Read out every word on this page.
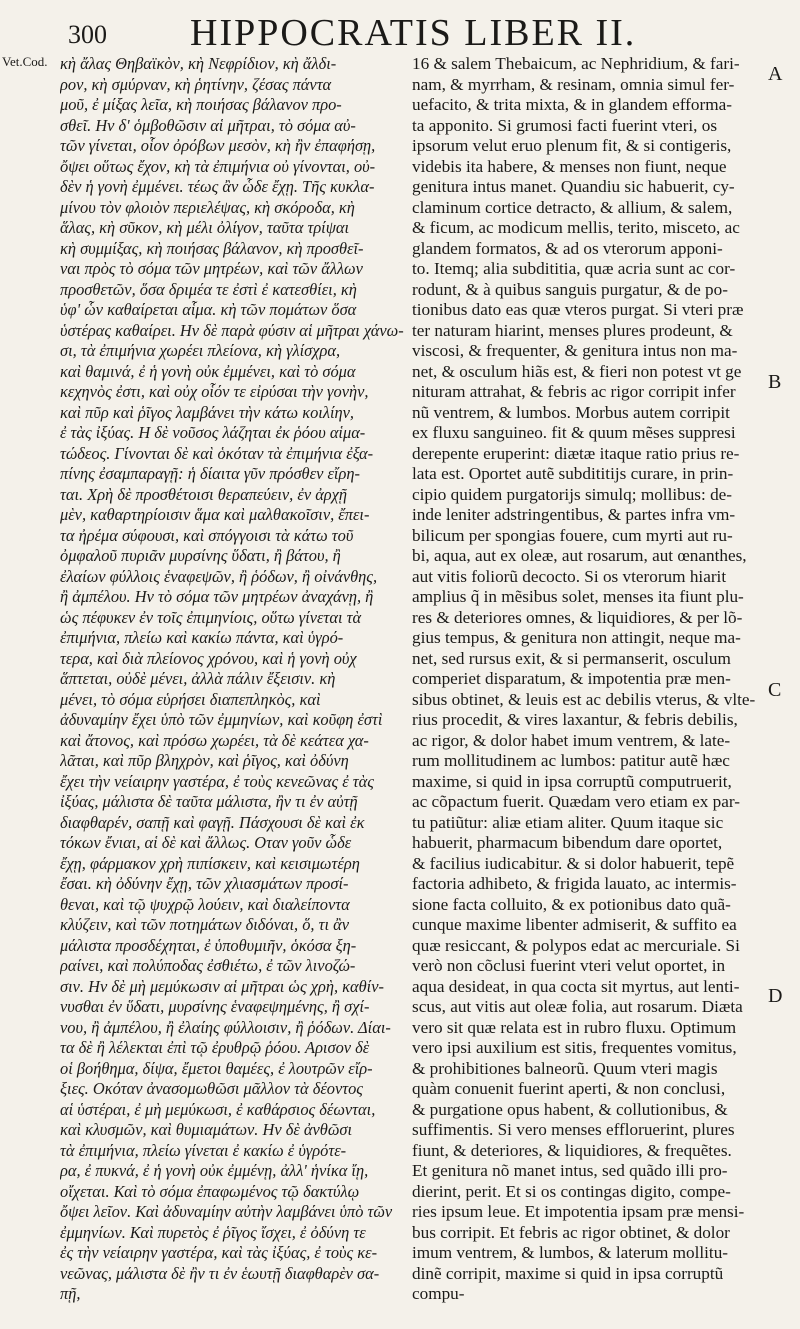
300 HIPPOCRATIS LIBER II.
Vet.Cod. κὴ ἄλας Θηβαϊκὸν, κὴ Νεφρίδιον, κὴ ἄλδι-
ρον, κὴ σμύρναν, κὴ ῥητίνην, ζέσας πάντα
μοῦ, ἐ μίξας λεῖα, κὴ ποιήσας βάλανον προ-
σθεῖ. Ην δ' ὁμβοθῶσιν αἱ μῆτραι, τὸ σόμα αὐ-
τῶν γίνεται, οἷον ὀρόβων μεσὸν, κὴ ἢν ἐπαφήσῃ,
ὄψει οὕτως ἔχον, κὴ τὰ ἐπιμήνια οὐ γίνονται, οὐ-
δὲν ἡ γονὴ ἐμμένει. τέως ἂν ὧδε ἔχῃ. Τῆς κυκλα-
μίνου τὸν φλοιὸν περιελέψας, κὴ σκόροδα, κὴ
ἅλας, κὴ σῦκον, κὴ μέλι ὀλίγον, ταῦτα τρίψαι
κὴ συμμίξας, κὴ ποιήσας βάλανον, κὴ προσθεῖ-
ναι πρὸς τὸ σόμα τῶν μητρέων, καὶ τῶν ἄλλων
προσθετῶν, ὅσα δριμέα τε ἐστὶ ἐ κατεσθίει, κὴ
ὑφ' ὧν καθαίρεται αἷμα. κὴ τῶν πομάτων ὅσα
ὑστέρας καθαίρει. Ην δὲ παρὰ φύσιν αἱ μῆτραι χάνω-
σι, τὰ ἐπιμήνια χωρέει πλείονα, κὴ γλίσχρα,
καὶ θαμινά, ἐ ἡ γονὴ οὐκ ἐμμένει, καὶ τὸ σόμα
κεχηνὸς ἐστι, καὶ οὐχ οἷόν τε εἰρύσαι τὴν γονὴν,
καὶ πῦρ καὶ ῥῖγος λαμβάνει τὴν κάτω κοιλίην,
ἐ τὰς ἰξύας. Η δὲ νοῦσος λάζηται ἐκ ῥόου αἱμα-
τώδεος. Γίνονται δὲ καὶ ὁκόταν τὰ ἐπιμήνια ἐξα-
πίνης ἐσαμπαραγῇ: ἡ δίαιτα γῦν πρόσθεν εἴρη-
ται. Χρὴ δὲ προσθέτοισι θεραπεύειν, ἐν ἀρχῇ
μὲν, καθαρτηρίοισιν ἅμα καὶ μαλθακοῖσιν, ἔπει-
τα ἠρέμα σύφουσι, καὶ σπόγγοισι τὰ κάτω τοῦ
ὀμφαλοῦ πυριᾶν μυρσίνης ὕδατι, ἢ βάτου, ἢ
ἐλαίων φύλλοις ἑναφεψῶν, ἢ ῥόδων, ἢ οἰνάνθης,
ἢ ἀμπέλου. Ην τὸ σόμα τῶν μητρέων ἀναχάνῃ, ἢ
ὡς πέφυκεν ἐν τοῖς ἐπιμηνίοις, οὕτω γίνεται τὰ
ἐπιμήνια, πλείω καὶ κακίω πάντα, καὶ ὑγρό-
τερα, καὶ διὰ πλείονος χρόνου, καὶ ἡ γονὴ οὐχ
ἅπτεται, οὐδὲ μένει, ἀλλὰ πάλιν ἔξεισιν. κὴ
μένει, τὸ σόμα εὑρήσει διαπεπληκὸς, καὶ
ἀδυναμίην ἔχει ὑπὸ τῶν ἐμμηνίων, καὶ κοῦφη ἐστὶ
καὶ ἄτονος, καὶ πρόσω χωρέει, τὰ δὲ κεάτεα χα-
λᾶται, καὶ πῦρ βληχρὸν, καὶ ῥῖγος, καὶ ὀδύνη
ἔχει τὴν νείαιρην γαστέρα, ἐ τοὺς κενεῶνας ἐ τὰς
ἰξύας, μάλιστα δὲ ταῦτα μάλιστα, ἢν τι ἐν αὐτῇ
διαφθαρέν, σαπῇ καὶ φαγῇ. Πάσχουσι δὲ καὶ ἐκ
τόκων ἔνιαι, αἱ δὲ καὶ ἄλλως. Οταν γοῦν ὧδε
ἔχῃ, φάρμακον χρὴ πιπίσκειν, καὶ κεισιμωτέρη
ἔσαι. κὴ ὀδύνην ἔχῃ, τῶν χλιασμάτων προσί-
θεναι, καὶ τῷ ψυχρῷ λούειν, καὶ διαλείποντα
κλύζειν, καὶ τῶν ποτημάτων διδόναι, ὅ, τι ἂν
μάλιστα προσδέχηται, ἐ ὑποθυμιῆν, ὁκόσα ξη-
ραίνει, καὶ πολύποδας ἐσθιέτω, ἐ τῶν λινοζώ-
σιν. Ην δὲ μὴ μεμύκωσιν αἱ μῆτραι ὡς χρὴ, καθίν-
νυσθαι ἐν ὕδατι, μυρσίνης ἑναφεψημένης, ἢ σχί-
νου, ἢ ἀμπέλου, ἢ ἐλαίης φύλλοισιν, ἢ ῥόδων. Δίαι-
τα δὲ ἢ λέλεκται ἐπὶ τῷ ἐρυθρῷ ῥόου. Αρισον δὲ
οἱ βοήθημα, δίψα, ἔμετοι θαμέες, ἐ λουτρῶν εἴρ-
ξιες. Οκόταν ἀνασομωθῶσι μᾶλλον τὰ δέοντος
αἱ ὑστέραι, ἐ μὴ μεμύκωσι, ἐ καθάρσιος δέωνται,
καὶ κλυσμῶν, καὶ θυμιαμάτων. Ην δὲ ἀνθῶσι
τὰ ἐπιμήνια, πλείω γίνεται ἐ κακίω ἐ ὑγρότε-
ρα, ἐ πυκνά, ἐ ἡ γονὴ οὐκ ἐμμένῃ, ἀλλ' ἡνίκα ἴῃ,
οἴχεται. Καὶ τὸ σόμα ἐπαφωμένος τῷ δακτύλῳ
ὄψει λεῖον. Καὶ ἀδυναμίην αὐτὴν λαμβάνει ὑπὸ τῶν
ἐμμηνίων. Καὶ πυρετὸς ἐ ῥῖγος ἴσχει, ἐ ὀδύνη τε
ἐς τὴν νείαιρην γαστέρα, καὶ τὰς ἰξύας, ἐ τοὺς κε-
νεῶνας, μάλιστα δὲ ἢν τι ἐν ἑωυτῇ διαφθαρὲν σα-
πῇ,
16 & salem Thebaicum, ac Nephridium, & fari-
nam, & myrrham, & resinam, omnia simul fer-
uefacito, & trita mixta, & in glandem efforma-
ta apponito. Si grumosi facti fuerint vteri, os
ipsorum velut eruo plenum fit, & si contigeris,
videbis ita habere, & menses non fiunt, neque
genitura intus manet. Quandiu sic habuerit, cy-
claminum cortice detracto, & allium, & salem,
& ficum, ac modicum mellis, terito, misceto, ac
glandem formatos, & ad os vterorum apponi-
to. Itemq; alia subdititia, quæ acria sunt ac cor-
rodunt, & à quibus sanguis purgatur, & de po-
tionibus dato eas quæ vteros purgat. Si vteri præ
ter naturam hiarint, menses plures prodeunt, &
viscosi, & frequenter, & genitura intus non ma-
net, & osculum hiãs est, & fieri non potest vt ge
nituram attrahat, & febris ac rigor corripit infer
nũ ventrem, & lumbos. Morbus autem corripit
ex fluxu sanguineo. fit & quum mẽses suppresi
derepente eruperint: diætæ itaque ratio prius re-
lata est. Oportet autẽ subdititijs curare, in prin-
cipio quidem purgatorijs simulq; mollibus: de-
inde leniter adstringentibus, & partes infra vm-
bilicum per spongias fouere, cum myrti aut ru-
bi, aqua, aut ex oleæ, aut rosarum, aut œnanthes,
aut vitis foliorũ decocto. Si os vterorum hiarit
amplius q̃ in mẽsibus solet, menses ita fiunt plu-
res & deteriores omnes, & liquidiores, & per lõ-
gius tempus, & genitura non attingit, neque ma-
net, sed rursus exit, & si permanserit, osculum
comperiet disparatum, & impotentia præ men-
sibus obtinet, & leuis est ac debilis vterus, & vlte-
rius procedit, & vires laxantur, & febris debilis,
ac rigor, & dolor habet imum ventrem, & late-
rum mollitudinem ac lumbos: patitur autẽ hæc
maxime, si quid in ipsa corruptũ computruerit,
ac cõpactum fuerit. Quædam vero etiam ex par-
tu patiũtur: aliæ etiam aliter. Quum itaque sic
habuerit, pharmacum bibendum dare oportet,
& facilius iudicabitur. & si dolor habuerit, tepẽ
factoria adhibeto, & frigida lauato, ac intermis-
sione facta colluito, & ex potionibus dato quã-
cunque maxime libenter admiserit, & suffito ea
quæ resiccant, & polypos edat ac mercuriale. Si
verò non cõclusi fuerint vteri velut oportet, in
aqua desideat, in qua cocta sit myrtus, aut lenti-
scus, aut vitis aut oleæ folia, aut rosarum. Diæta
vero sit quæ relata est in rubro fluxu. Optimum
vero ipsi auxilium est sitis, frequentes vomitus,
& prohibitiones balneorũ. Quum vteri magis
quàm conuenit fuerint aperti, & non conclusi,
& purgatione opus habent, & collutionibus, &
suffimentis. Si vero menses effloruerint, plures
fiunt, & deteriores, & liquidiores, & frequẽtes.
Et genitura nõ manet intus, sed quãdo illi pro-
dierint, perit. Et si os contingas digito, compe-
ries ipsum leue. Et impotentia ipsam præ mensi-
bus corripit. Et febris ac rigor obtinet, & dolor
imum ventrem, & lumbos, & laterum mollitu-
dinẽ corripit, maxime si quid in ipsa corruptũ
compu-
A
B
C
D
